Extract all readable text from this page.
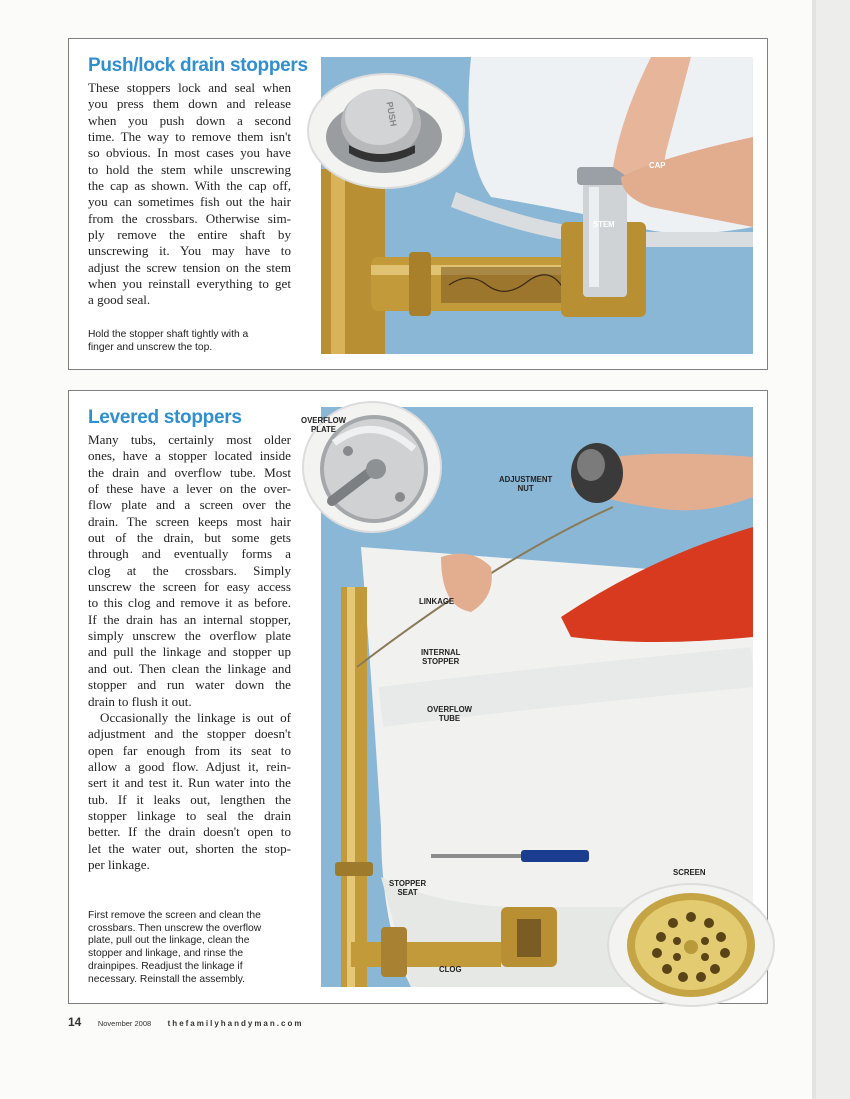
Push/lock drain stoppers
These stoppers lock and seal when
you press them down and release
when you push down a second
time. The way to remove them isn't
so obvious. In most cases you have
to hold the stem while unscrewing
the cap as shown. With the cap off,
you can sometimes fish out the hair
from the crossbars. Otherwise sim-
ply remove the entire shaft by
unscrewing it. You may have to
adjust the screw tension on the stem
when you reinstall everything to get
a good seal.
Hold the stopper shaft tightly with a
finger and unscrew the top.
PUSH
CAP
STEM
Levered stoppers
Many tubs, certainly most older
ones, have a stopper located inside
the drain and overflow tube. Most
of these have a lever on the over-
flow plate and a screen over the
drain. The screen keeps most hair
out of the drain, but some gets
through and eventually forms a
clog at the crossbars. Simply
unscrew the screen for easy access
to this clog and remove it as before.
If the drain has an internal stopper,
simply unscrew the overflow plate
and pull the linkage and stopper up
and out. Then clean the linkage and
stopper and run water down the
drain to flush it out.
Occasionally the linkage is out of
adjustment and the stopper doesn't
open far enough from its seat to
allow a good flow. Adjust it, rein-
sert it and test it. Run water into the
tub. If it leaks out, lengthen the
stopper linkage to seal the drain
better. If the drain doesn't open to
let the water out, shorten the stop-
per linkage.
First remove the screen and clean the
crossbars. Then unscrew the overflow
plate, pull out the linkage, clean the
stopper and linkage, and rinse the
drainpipes. Readjust the linkage if
necessary. Reinstall the assembly.
OVERFLOW
PLATE
ADJUSTMENT
NUT
LINKAGE
INTERNAL
STOPPER
OVERFLOW
TUBE
STOPPER
SEAT
CLOG
SCREEN
14 November 2008 thefamilyhandyman.com
